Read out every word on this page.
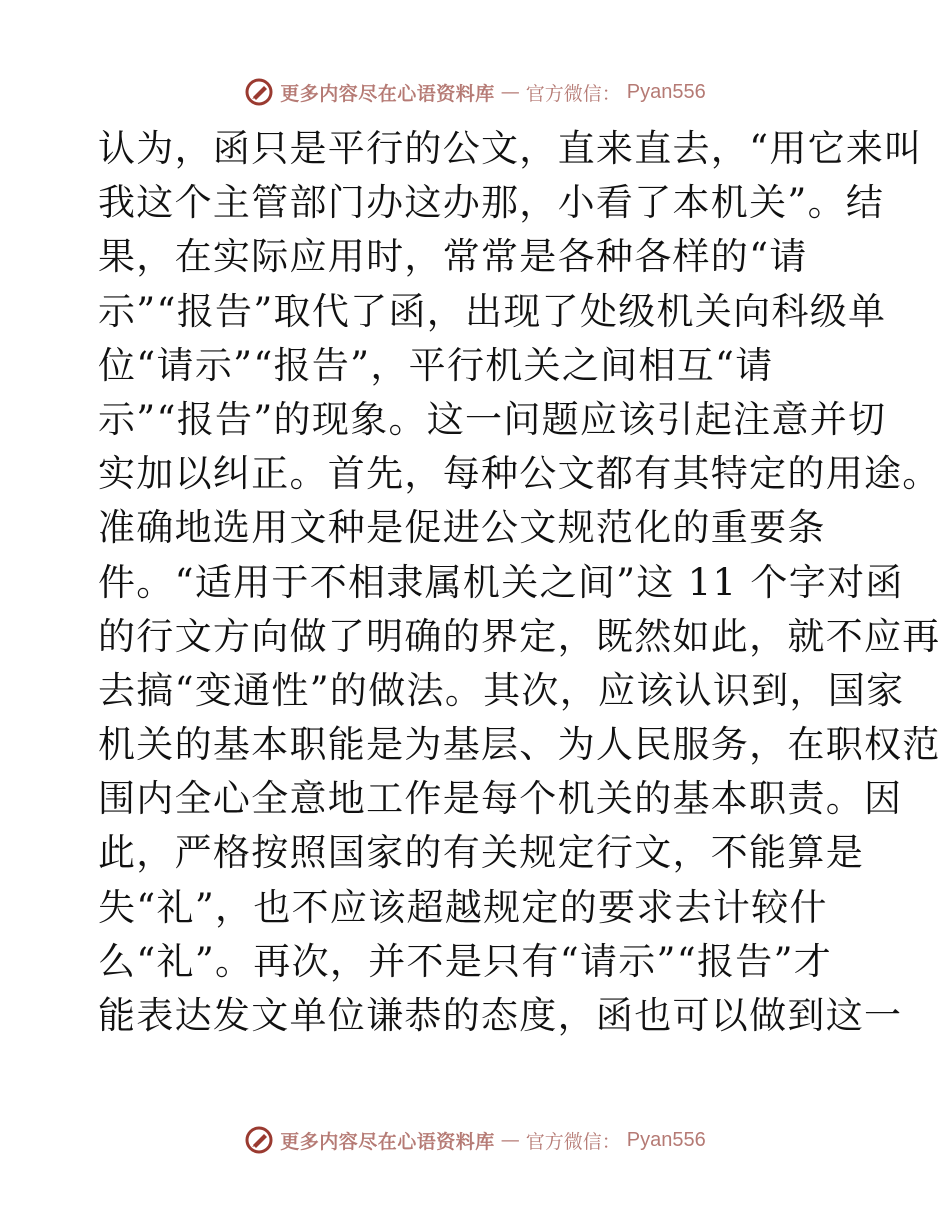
更多内容尽在心语资料库 — 官方微信： Pyan556
认为，函只是平行的公文，直来直去，“用它来叫
我这个主管部门办这办那，小看了本机关”。结
果，在实际应用时，常常是各种各样的“请
示”“报告”取代了函，出现了处级机关向科级单
位“请示”“报告”，平行机关之间相互“请
示”“报告”的现象。这一问题应该引起注意并切
实加以纠正。首先，每种公文都有其特定的用途。
准确地选用文种是促进公文规范化的重要条
件。“适用于不相隶属机关之间”这 11 个字对函
的行文方向做了明确的界定，既然如此，就不应再
去搞“变通性”的做法。其次，应该认识到，国家
机关的基本职能是为基层、为人民服务，在职权范
围内全心全意地工作是每个机关的基本职责。因
此，严格按照国家的有关规定行文，不能算是
失“礼”，也不应该超越规定的要求去计较什
么“礼”。再次，并不是只有“请示”“报告”才
能表达发文单位谦恭的态度，函也可以做到这一
更多内容尽在心语资料库 — 官方微信： Pyan556
